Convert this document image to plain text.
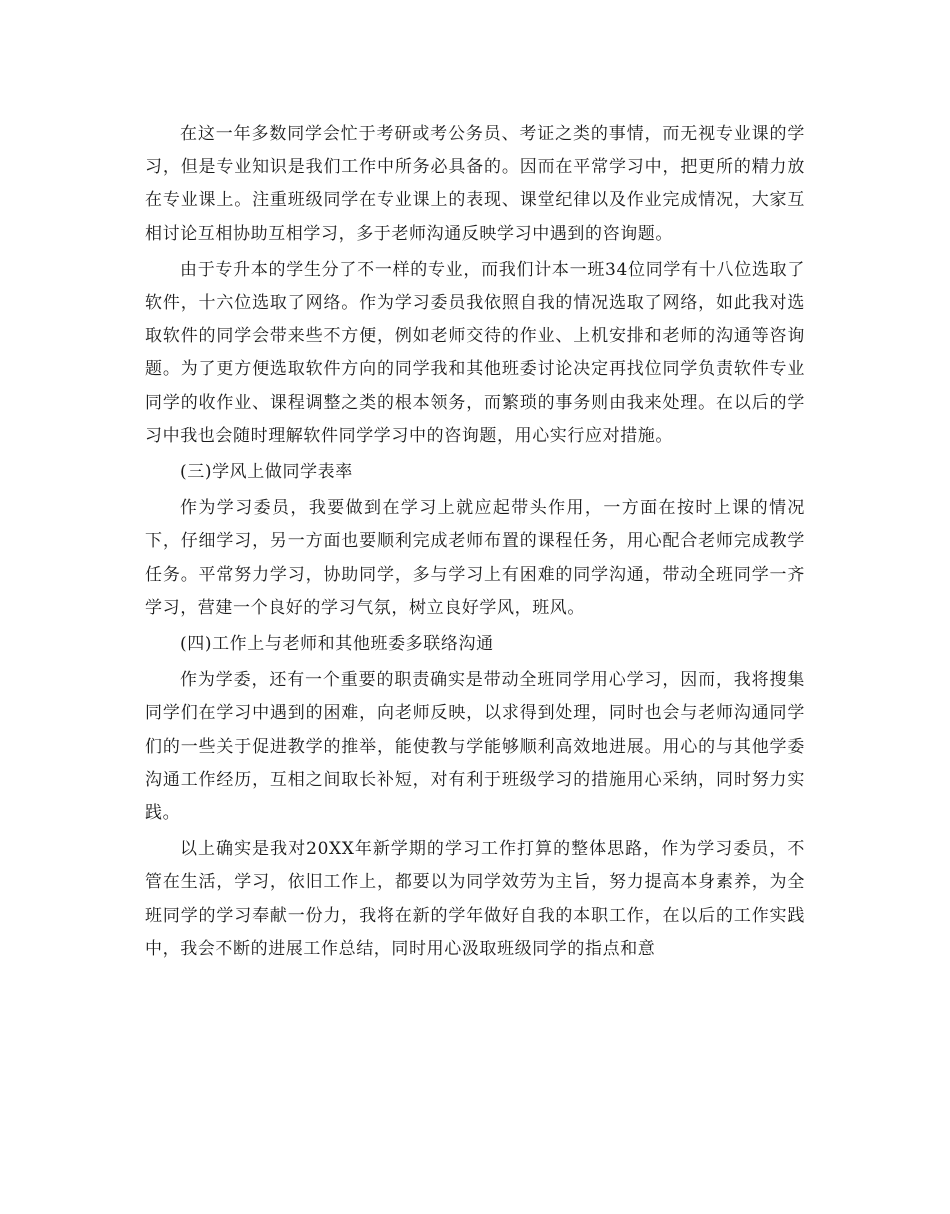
在这一年多数同学会忙于考研或考公务员、考证之类的事情，而无视专业课的学习，但是专业知识是我们工作中所务必具备的。因而在平常学习中，把更所的精力放在专业课上。注重班级同学在专业课上的表现、课堂纪律以及作业完成情况，大家互相讨论互相协助互相学习，多于老师沟通反映学习中遇到的咨询题。

由于专升本的学生分了不一样的专业，而我们计本一班34位同学有十八位选取了软件，十六位选取了网络。作为学习委员我依照自我的情况选取了网络，如此我对选取软件的同学会带来些不方便，例如老师交待的作业、上机安排和老师的沟通等咨询题。为了更方便选取软件方向的同学我和其他班委讨论决定再找位同学负责软件专业同学的收作业、课程调整之类的根本领务，而繁琐的事务则由我来处理。在以后的学习中我也会随时理解软件同学学习中的咨询题，用心实行应对措施。

(三)学风上做同学表率

作为学习委员，我要做到在学习上就应起带头作用，一方面在按时上课的情况下，仔细学习，另一方面也要顺利完成老师布置的课程任务，用心配合老师完成教学任务。平常努力学习，协助同学，多与学习上有困难的同学沟通，带动全班同学一齐学习，营建一个良好的学习气氛，树立良好学风，班风。

(四)工作上与老师和其他班委多联络沟通

作为学委，还有一个重要的职责确实是带动全班同学用心学习，因而，我将搜集同学们在学习中遇到的困难，向老师反映，以求得到处理，同时也会与老师沟通同学们的一些关于促进教学的推举，能使教与学能够顺利高效地进展。用心的与其他学委沟通工作经历，互相之间取长补短，对有利于班级学习的措施用心采纳，同时努力实践。

以上确实是我对20XX年新学期的学习工作打算的整体思路，作为学习委员，不管在生活，学习，依旧工作上，都要以为同学效劳为主旨，努力提高本身素养，为全班同学的学习奉献一份力，我将在新的学年做好自我的本职工作，在以后的工作实践中，我会不断的进展工作总结，同时用心汲取班级同学的指点和意
